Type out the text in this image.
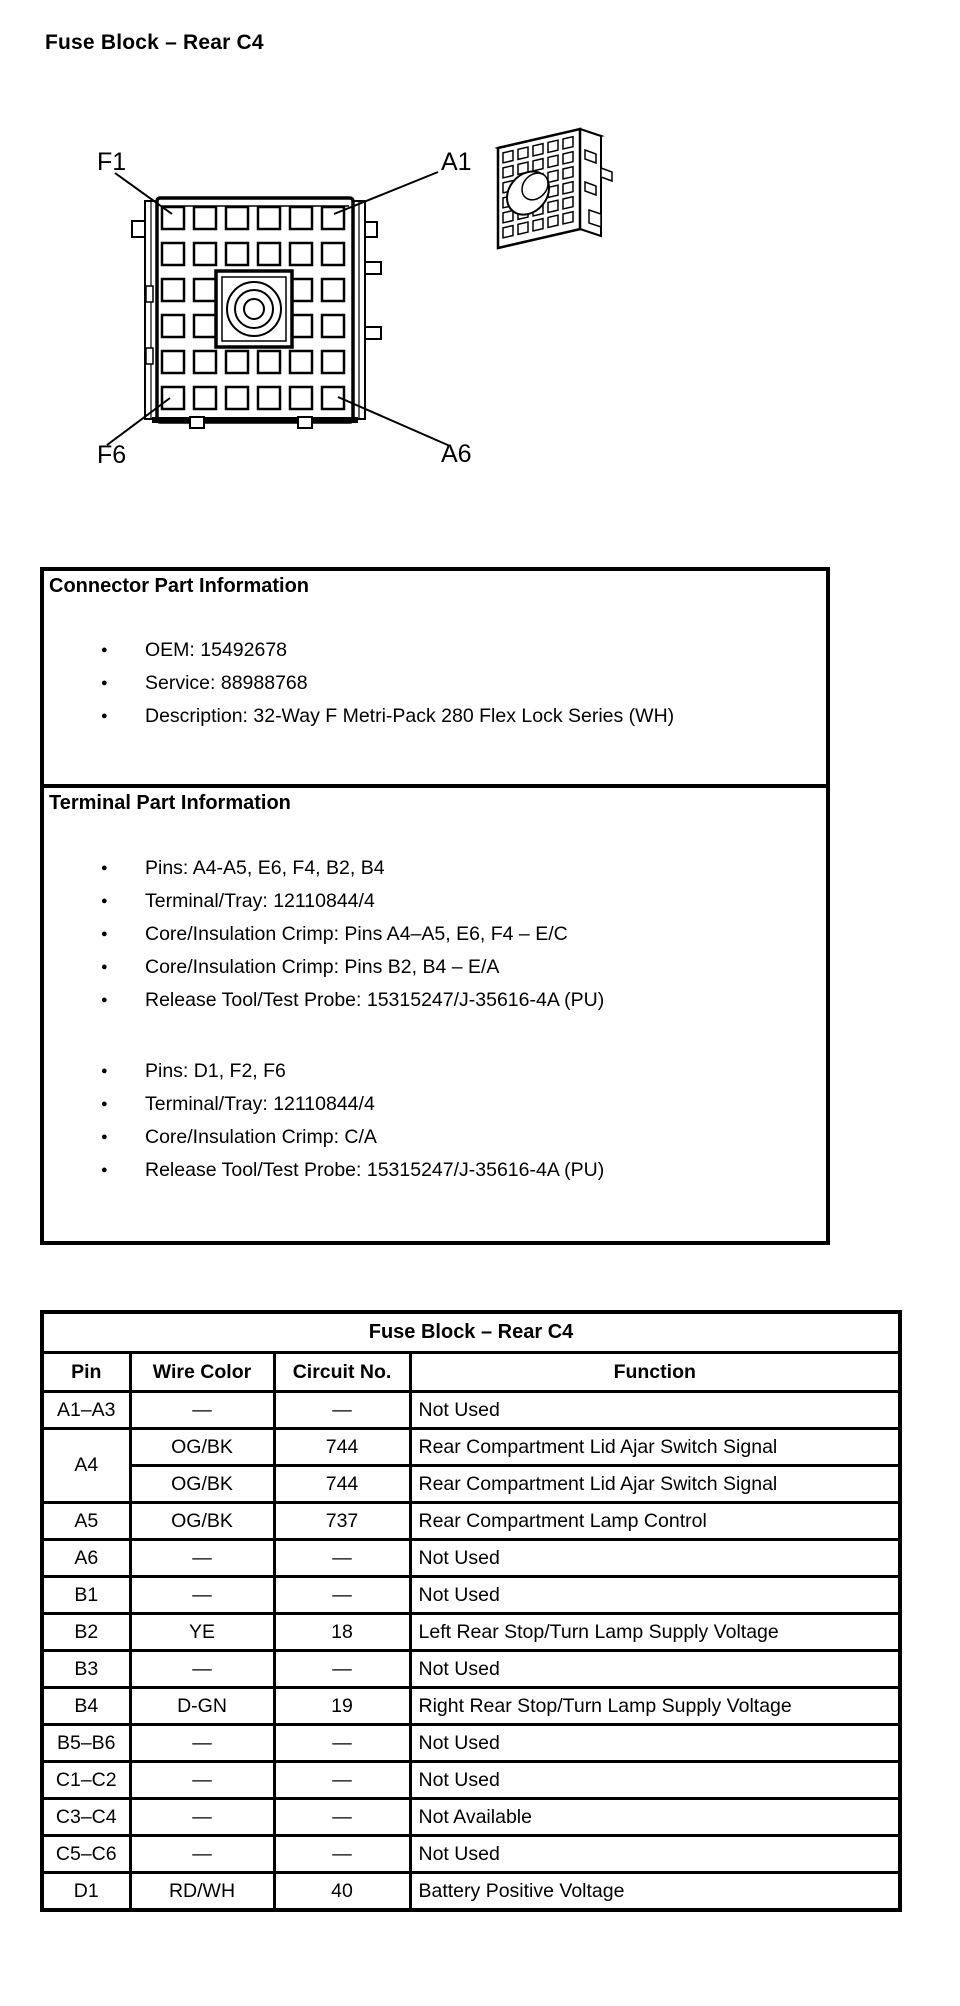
Fuse Block – Rear C4
F1	A1
F6	A6
Connector Part Information
● OEM: 15492678
● Service: 88988768
● Description: 32-Way F Metri-Pack 280 Flex Lock Series (WH)
Terminal Part Information
● Pins: A4-A5, E6, F4, B2, B4
● Terminal/Tray: 12110844/4
● Core/Insulation Crimp: Pins A4–A5, E6, F4 – E/C
● Core/Insulation Crimp: Pins B2, B4 – E/A
● Release Tool/Test Probe: 15315247/J-35616-4A (PU)
● Pins: D1, F2, F6
● Terminal/Tray: 12110844/4
● Core/Insulation Crimp: C/A
● Release Tool/Test Probe: 15315247/J-35616-4A (PU)
Fuse Block – Rear C4			
Pin	Wire Color	Circuit No.	Function
A1–A3	—	—	Not Used
A4	OG/BK	744	Rear Compartment Lid Ajar Switch Signal
	OG/BK	744	Rear Compartment Lid Ajar Switch Signal
A5	OG/BK	737	Rear Compartment Lamp Control
A6	—	—	Not Used
B1	—	—	Not Used
B2	YE	18	Left Rear Stop/Turn Lamp Supply Voltage
B3	—	—	Not Used
B4	D-GN	19	Right Rear Stop/Turn Lamp Supply Voltage
B5–B6	—	—	Not Used
C1–C2	—	—	Not Used
C3–C4	—	—	Not Available
C5–C6	—	—	Not Used
D1	RD/WH	40	Battery Positive Voltage
